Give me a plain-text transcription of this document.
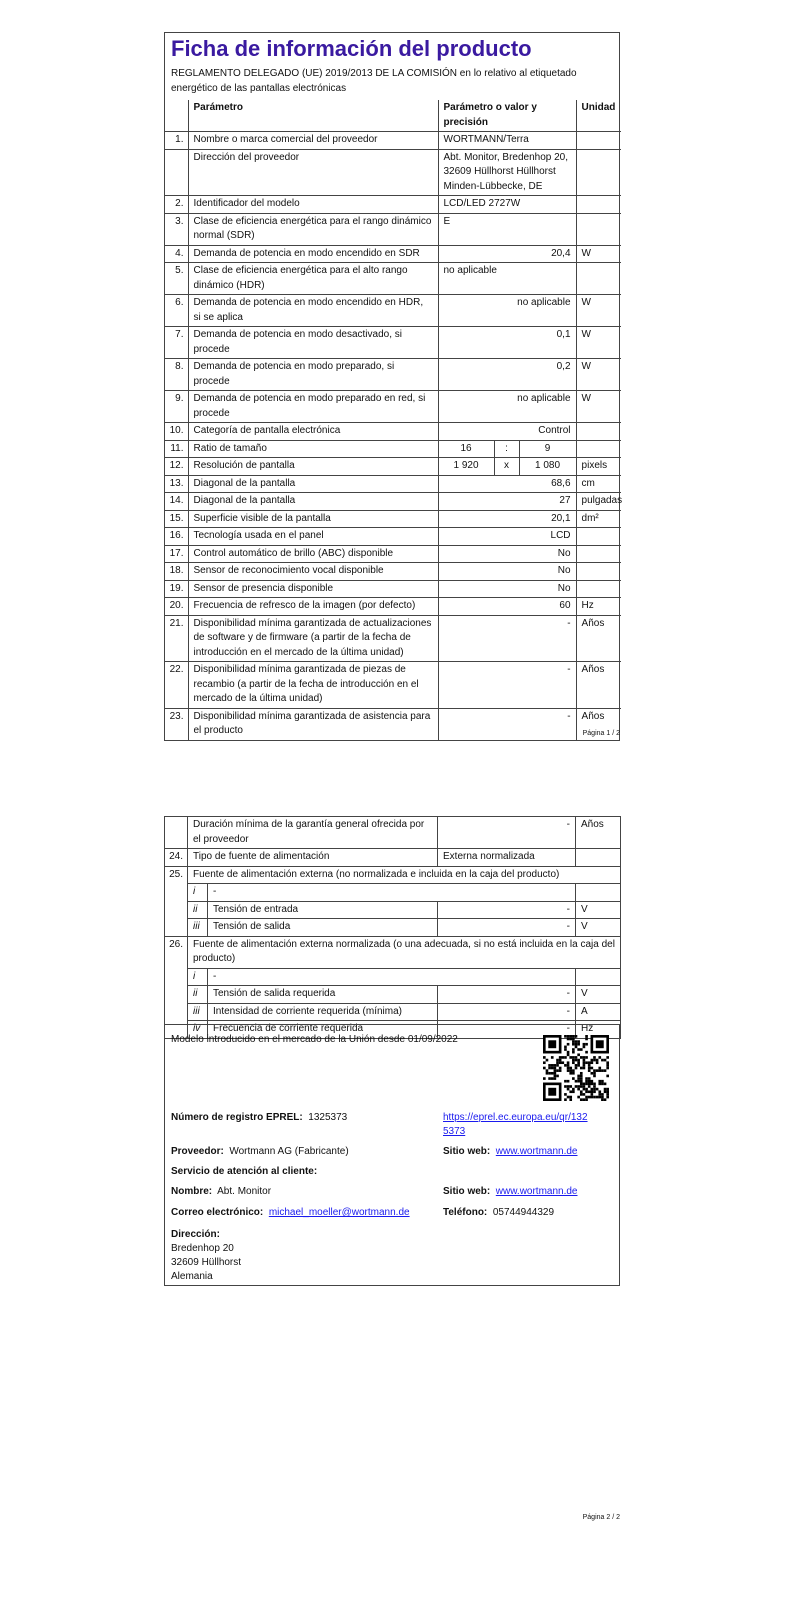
Ficha de información del producto
REGLAMENTO DELEGADO (UE) 2019/2013 DE LA COMISIÓN en lo relativo al etiquetado energético de las pantallas electrónicas
	Parámetro	Parámetro o valor y precisión			Unidad
1.	Nombre o marca comercial del proveedor	WORTMANN/Terra			
	Dirección del proveedor	Abt. Monitor, Bredenhop 20, 32609 Hüllhorst Hüllhorst Minden-Lübbecke, DE			
2.	Identificador del modelo	LCD/LED 2727W			
3.	Clase de eficiencia energética para el rango dinámico normal (SDR)	E			
4.	Demanda de potencia en modo encendido en SDR	20,4			W
5.	Clase de eficiencia energética para el alto rango dinámico (HDR)	no aplicable			
6.	Demanda de potencia en modo encendido en HDR, si se aplica	no aplicable			W
7.	Demanda de potencia en modo desactivado, si procede	0,1			W
8.	Demanda de potencia en modo preparado, si procede	0,2			W
9.	Demanda de potencia en modo preparado en red, si procede	no aplicable			W
10.	Categoría de pantalla electrónica	Control			
11.	Ratio de tamaño	16	:	9	
12.	Resolución de pantalla	1 920	x	1 080	pixels
13.	Diagonal de la pantalla	68,6			cm
14.	Diagonal de la pantalla	27			pulgadas
15.	Superficie visible de la pantalla	20,1			dm²
16.	Tecnología usada en el panel	LCD			
17.	Control automático de brillo (ABC) disponible	No			
18.	Sensor de reconocimiento vocal disponible	No			
19.	Sensor de presencia disponible	No			
20.	Frecuencia de refresco de la imagen (por defecto)	60			Hz
21.	Disponibilidad mínima garantizada de actualizaciones de software y de firmware (a partir de la fecha de introducción en el mercado de la última unidad)	-			Años
22.	Disponibilidad mínima garantizada de piezas de recambio (a partir de la fecha de introducción en el mercado de la última unidad)	-			Años
23.	Disponibilidad mínima garantizada de asistencia para el producto	-			Años
Página 1 / 2
	Duración mínima de la garantía general ofrecida por el proveedor		-	Años
24.	Tipo de fuente de alimentación		Externa normalizada	
25.	Fuente de alimentación externa (no normalizada e incluida en la caja del producto)			
	i	-		
	ii	Tensión de entrada	-	V
	iii	Tensión de salida	-	V
26.	Fuente de alimentación externa normalizada (o una adecuada, si no está incluida en la caja del producto)			
	i	-		
	ii	Tensión de salida requerida	-	V
	iii	Intensidad de corriente requerida (mínima)	-	A
	iv	Frecuencia de corriente requerida	-	Hz
Modelo introducido en el mercado de la Unión desde 01/09/2022
Número de registro EPREL: 1325373	https://eprel.ec.europa.eu/qr/1325373
Proveedor: Wortmann AG (Fabricante)	Sitio web: www.wortmann.de
Servicio de atención al cliente:
Nombre: Abt. Monitor	Sitio web: www.wortmann.de
Correo electrónico: michael_moeller@wortmann.de	Teléfono: 05744944329
Dirección:
Bredenhop 20
32609 Hüllhorst
Alemania
Página 2 / 2
